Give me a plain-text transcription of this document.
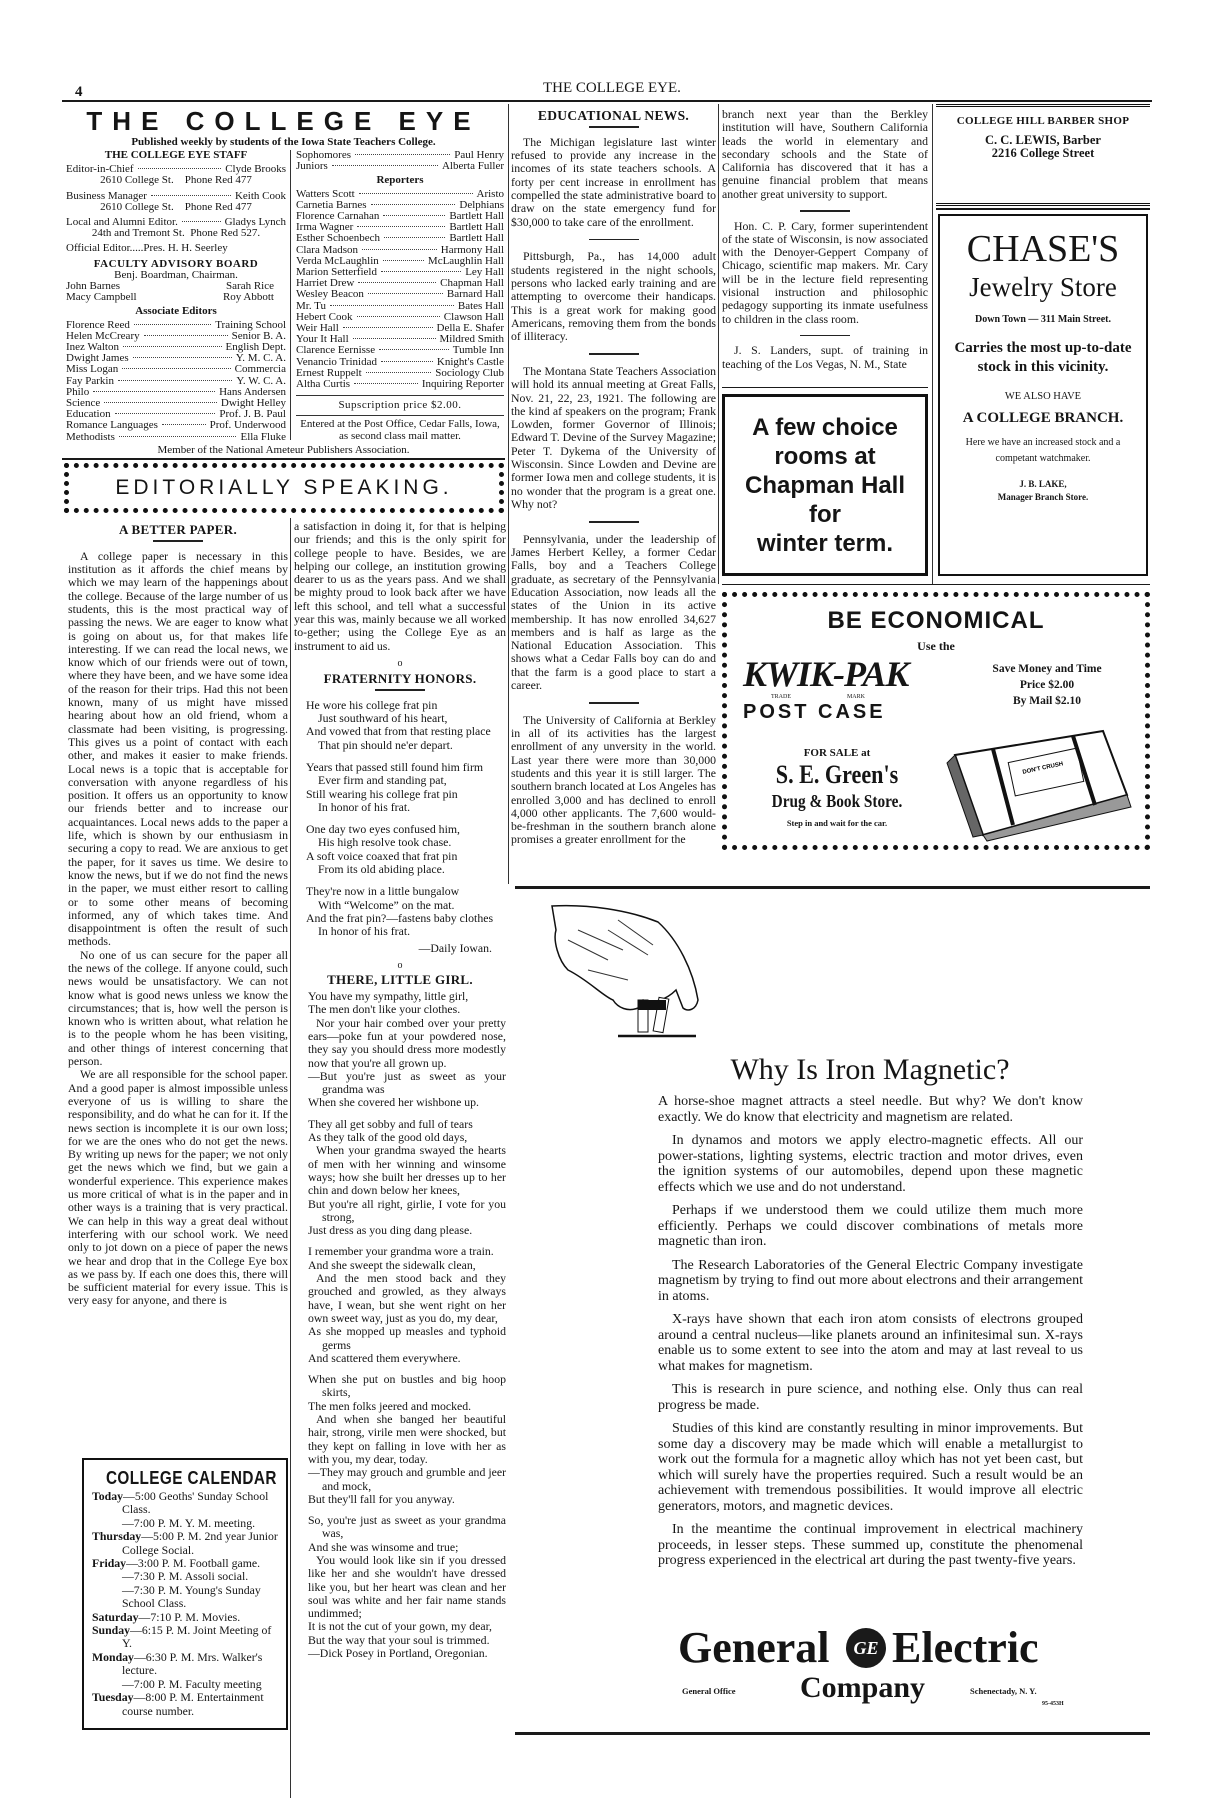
4	THE COLLEGE EYE.
THE COLLEGE EYE
Published weekly by students of the Iowa State Teachers College.
THE COLLEGE EYE STAFF
Editor-in-Chief	Clyde Brooks
2610 College St.    Phone Red 477
Business Manager	Keith Cook
2610 College St.    Phone Red 477
Local and Alumni Editor.	Gladys Lynch
24th and Tremont St.  Phone Red 527.
Official Editor.....Pres. H. H. Seerley
FACULTY ADVISORY BOARD
Benj. Boardman, Chairman.
John Barnes	Sarah Rice
Macy Campbell	Roy Abbott
Associate Editors
Florence Reed	Training School
Helen McCreary	Senior B. A.
Inez Walton	English Dept.
Dwight James	Y. M. C. A.
Miss Logan	Commercia
Fay Parkin	Y. W. C. A.
Philo	Hans Andersen
Science	Dwight Helley
Education	Prof. J. B. Paul
Romance Languages	Prof. Underwood
Methodists	Ella Fluke
Sophomores	Paul Henry
Juniors	Alberta Fuller
Reporters
Watters Scott	Aristo
Carnetia Barnes	Delphians
Florence Carnahan	Bartlett Hall
Irma Wagner	Bartlett Hall
Esther Schoenbech	Bartlett Hall
Clara Madson	Harmony Hall
Verda McLaughlin	McLaughlin Hall
Marion Setterfield	Ley Hall
Harriet Drew	Chapman Hall
Wesley Beacon	Barnard Hall
Mr. Tu	Bates Hall
Hebert Cook	Clawson Hall
Weir Hall	Della E. Shafer
Your It Hall	Mildred Smith
Clarence Eernisse	Tumble Inn
Venancio Trinidad	Knight's Castle
Ernest Ruppelt	Sociology Club
Altha Curtis	Inquiring Reporter
Supscription price $2.00.
Entered at the Post Office, Cedar Falls, Iowa, as second class mail matter.
Member of the National Ameteur Publishers Association.
EDITORIALLY SPEAKING.
A BETTER PAPER.

A college paper is necessary in this institution as it affords the chief means by which we may learn of the happenings about the college. Because of the large number of us students, this is the most practical way of passing the news. We are eager to know what is going on about us, for that makes life interesting. If we can read the local news, we know which of our friends were out of town, where they have been, and we have some idea of the reason for their trips. Had this not been known, many of us might have missed hearing about how an old friend, whom a classmate had been visiting, is progressing. This gives us a point of contact with each other, and makes it easier to make friends. Local news is a topic that is acceptable for conversation with anyone regardless of his position. It offers us an opportunity to know our friends better and to increase our acquaintances. Local news adds to the paper a life, which is shown by our enthusiasm in securing a copy to read. We are anxious to get the paper, for it saves us time. We desire to know the news, but if we do not find the news in the paper, we must either resort to calling or to some other means of becoming informed, any of which takes time. And disappointment is often the result of such methods.

No one of us can secure for the paper all the news of the college. If anyone could, such news would be unsatisfactory. We can not know what is good news unless we know the circumstances; that is, how well the person is known who is written about, what relation he is to the people whom he has been visiting, and other things of interest concerning that person.

We are all responsible for the school paper. And a good paper is almost impossible unless everyone of us is willing to share the responsibility, and do what he can for it. If the news section is incomplete it is our own loss; for we are the ones who do not get the news. By writing up news for the paper; we not only get the news which we find, but we gain a wonderful experience. This experience makes us more critical of what is in the paper and in other ways is a training that is very practical. We can help in this way a great deal without interfering with our school work. We need only to jot down on a piece of paper the news we hear and drop that in the College Eye box as we pass by. If each one does this, there will be sufficient material for every issue. This is very easy for anyone, and there is

a satisfaction in doing it, for that is helping our friends; and this is the only spirit for college people to have. Besides, we are helping our college, an institution growing dearer to us as the years pass. And we shall be mighty proud to look back after we have left this school, and tell what a successful year this was, mainly because we all worked to-gether; using the College Eye as an instrument to aid us.
o
FRATERNITY HONORS.
He wore his college frat pin
Just southward of his heart,
And vowed that from that resting place
That pin should ne'er depart.
Years that passed still found him firm
Ever firm and standing pat,
Still wearing his college frat pin
In honor of his frat.
One day two eyes confused him,
His high resolve took chase.
A soft voice coaxed that frat pin
From its old abiding place.
They're now in a little bungalow
With “Welcome” on the mat.
And the frat pin?—fastens baby clothes
In honor of his frat.
—Daily Iowan.
o
THERE, LITTLE GIRL.
You have my sympathy, little girl,
The men don't like your clothes.
Nor your hair combed over your pretty ears—poke fun at your powdered nose, they say you should dress more modestly now that you're all grown up.
—But you're just as sweet as your grandma was
When she covered her wishbone up.
They all get sobby and full of tears
As they talk of the good old days,
When your grandma swayed the hearts of men with her winning and winsome ways; how she built her dresses up to her chin and down below her knees,
But you're all right, girlie, I vote for you strong,
Just dress as you ding dang please.
I remember your grandma wore a train.
And she sweept the sidewalk clean,
And the men stood back and they grouched and growled, as they always have, I wean, but she went right on her own sweet way, just as you do, my dear,
As she mopped up measles and typhoid germs
And scattered them everywhere.
When she put on bustles and big hoop skirts,
The men folks jeered and mocked.
And when she banged her beautiful hair, strong, virile men were shocked, but they kept on falling in love with her as with you, my dear, today.
—They may grouch and grumble and jeer and mock,
But they'll fall for you anyway.
So, you're just as sweet as your grandma was,
And she was winsome and true;
You would look like sin if you dressed like her and she wouldn't have dressed like you, but her heart was clean and her soul was white and her fair name stands undimmed;
It is not the cut of your gown, my dear,
But the way that your soul is trimmed.
—Dick Posey in Portland, Oregonian.
EDUCATIONAL NEWS.

The Michigan legislature last winter refused to provide any increase in the incomes of its state teachers schools. A forty per cent increase in enrollment has compelled the state administrative board to draw on the state emergency fund for $30,000 to take care of the enrollment.

Pittsburgh, Pa., has 14,000 adult students registered in the night schools, persons who lacked early training and are attempting to overcome their handicaps. This is a great work for making good Americans, removing them from the bonds of illiteracy.

The Montana State Teachers Association will hold its annual meeting at Great Falls, Nov. 21, 22, 23, 1921. The following are the kind af speakers on the program; Frank Lowden, former Governor of Illinois; Edward T. Devine of the Survey Magazine; Peter T. Dykema of the University of Wisconsin. Since Lowden and Devine are former Iowa men and college students, it is no wonder that the program is a great one. Why not?

Pennsylvania, under the leadership of James Herbert Kelley, a former Cedar Falls, boy and a Teachers College graduate, as secretary of the Pennsylvania Education Association, now leads all the states of the Union in its active membership. It has now enrolled 34,627 members and is half as large as the National Education Association. This shows what a Cedar Falls boy can do and that the farm is a good place to start a career.

The University of California at Berkley in all of its activities has the largest enrollment of any unversity in the world. Last year there were more than 30,000 students and this year it is still larger. The southern branch located at Los Angeles has enrolled 3,000 and has declined to enroll 4,000 other applicants. The 7,600 would-be-freshman in the southern branch alone promises a greater enrollment for the

branch next year than the Berkley institution will have, Southern California leads the world in elementary and secondary schools and the State of California has discovered that it has a genuine financial problem that means another great university to support.

Hon. C. P. Cary, former superintendent of the state of Wisconsin, is now associated with the Denoyer-Geppert Company of Chicago, scientific map makers. Mr. Cary will be in the lecture field representing visional instruction and philosophic pedagogy supporting its inmate usefulness to children in the class room.

J. S. Landers, supt. of training in teaching of the Los Vegas, N. M., State

COLLEGE CALENDAR
Today—5:00 Geoths' Sunday School Class.
—7:00 P. M. Y. M. meeting.
Thursday—5:00 P. M. 2nd year Junior College Social.
Friday—3:00 P. M. Football game.
—7:30 P. M. Assoli social.
—7:30 P. M. Young's Sunday School Class.
Saturday—7:10 P. M. Movies.
Sunday—6:15 P. M. Joint Meeting of Y.
Monday—6:30 P. M. Mrs. Walker's lecture.
—7:00 P. M. Faculty meeting
Tuesday—8:00 P. M. Entertainment course number.
A few choice
rooms at
Chapman Hall
for
winter term.
COLLEGE HILL BARBER SHOP
C. C. LEWIS, Barber
2216 College Street
CHASE'S
Jewelry Store
Down Town — 311 Main Street.
Carries the most up-to-date stock in this vicinity.
WE ALSO HAVE
A COLLEGE BRANCH.
Here we have an increased stock and a competant watchmaker.
J. B. LAKE,
Manager Branch Store.
BE ECONOMICAL
Use the
KWIK-PAK
TRADE	MARK
POST CASE
Save Money and Time
Price $2.00
By Mail $2.10
FOR SALE at
S. E. Green's
Drug & Book Store.
Step in and wait for the car.
DON'T CRUSH
Why Is Iron Magnetic?

A horse-shoe magnet attracts a steel needle. But why? We don't know exactly. We do know that electricity and magnetism are related.

In dynamos and motors we apply electro-magnetic effects. All our power-stations, lighting systems, electric traction and motor drives, even the ignition systems of our automobiles, depend upon these magnetic effects which we use and do not understand.

Perhaps if we understood them we could utilize them much more efficiently. Perhaps we could discover combinations of metals more magnetic than iron.

The Research Laboratories of the General Electric Company investigate magnetism by trying to find out more about electrons and their arrangement in atoms.

X-rays have shown that each iron atom consists of electrons grouped around a central nucleus—like planets around an infinitesimal sun. X-rays enable us to some extent to see into the atom and may at last reveal to us what makes for magnetism.

This is research in pure science, and nothing else. Only thus can real progress be made.

Studies of this kind are constantly resulting in minor improvements. But some day a discovery may be made which will enable a metallurgist to work out the formula for a magnetic alloy which has not yet been cast, but which will surely have the properties required. Such a result would be an achievement with tremendous possibilities. It would improve all electric generators, motors, and magnetic devices.

In the meantime the continual improvement in electrical machinery proceeds, in lesser steps. These summed up, constitute the phenomenal progress experienced in the electrical art during the past twenty-five years.

General	GE Electric
Company
General Office	Schenectady, N. Y.
95-453H
